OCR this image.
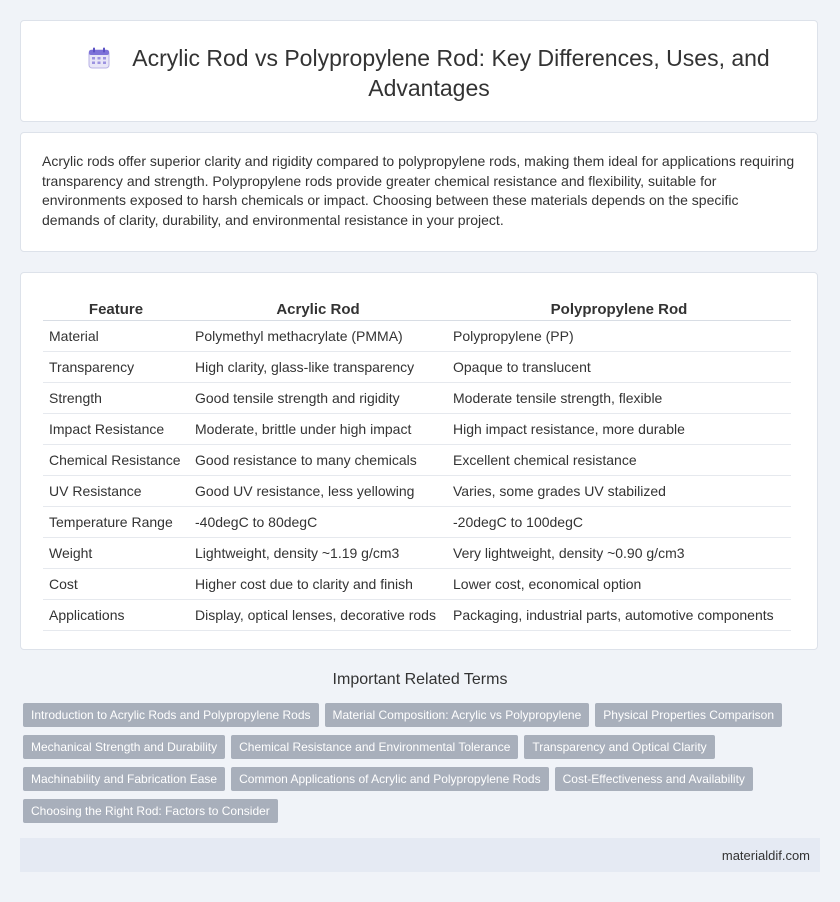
Acrylic Rod vs Polypropylene Rod: Key Differences, Uses, and Advantages
Acrylic rods offer superior clarity and rigidity compared to polypropylene rods, making them ideal for applications requiring transparency and strength. Polypropylene rods provide greater chemical resistance and flexibility, suitable for environments exposed to harsh chemicals or impact. Choosing between these materials depends on the specific demands of clarity, durability, and environmental resistance in your project.
Feature	Acrylic Rod	Polypropylene Rod
Material	Polymethyl methacrylate (PMMA)	Polypropylene (PP)
Transparency	High clarity, glass-like transparency	Opaque to translucent
Strength	Good tensile strength and rigidity	Moderate tensile strength, flexible
Impact Resistance	Moderate, brittle under high impact	High impact resistance, more durable
Chemical Resistance	Good resistance to many chemicals	Excellent chemical resistance
UV Resistance	Good UV resistance, less yellowing	Varies, some grades UV stabilized
Temperature Range	-40degC to 80degC	-20degC to 100degC
Weight	Lightweight, density ~1.19 g/cm3	Very lightweight, density ~0.90 g/cm3
Cost	Higher cost due to clarity and finish	Lower cost, economical option
Applications	Display, optical lenses, decorative rods	Packaging, industrial parts, automotive components
Important Related Terms
Introduction to Acrylic Rods and Polypropylene Rods Material Composition: Acrylic vs Polypropylene Physical Properties ComparisonMechanical Strength and Durability Chemical Resistance and Environmental Tolerance Transparency and Optical ClarityMachinability and Fabrication Ease Common Applications of Acrylic and Polypropylene Rods Cost-Effectiveness and AvailabilityChoosing the Right Rod: Factors to Consider
materialdif.com
